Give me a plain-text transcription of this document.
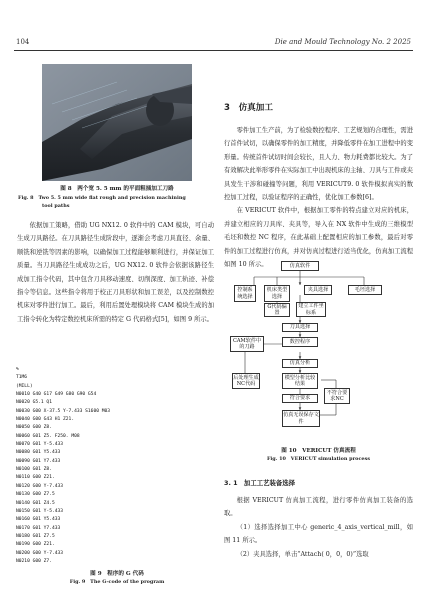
104	Die and Mould Technology No. 2 2025
图 8　两个宽 5. 5 mm 的平面粗插加工刀路
Fig. 8　Two 5. 5 mm wide flat rough and precision machining
tool paths

依据加工策略，借助 UG NX12. 0 软件中的 CAM 模块，可自动生成刀具路径。在刀具路径生成阶段中，逐渐会考虑刀具直径、余量、顺铣和逆铣等因素的影响，以确保加工过程能够顺利进行，并保证加工质量。当刀具路径生成成功之后，UG NX12. 0 软件会依据该路径生成加工指令代码，其中包含刀具移动速度、切削深度、加工轨迹、补偿指令等信息。这些指令将用于校正刀具形状和加工误差，以及控制数控机床对零件进行加工。最后，利用后置处理模块将 CAM 模块生成的加工指令转化为特定数控机床所需的特定 G 代码格式[5]，如图 9 所示。

%
T1M6
(MILL)
N0010 G40 G17 G49 G80 G90 G54
N0020 G5.1 Q1
N0030 G00 X-37.5 Y-7.433 S1600 M03
N0040 G00 G43 H1 Z21.
N0050 G00 Z8.
N0060 G01 Z5. F250. M08
N0070 G01 Y-5.433
N0080 G01 Y5.433
N0090 G01 Y7.433
N0100 G01 Z8.
N0110 G00 Z21.
N0120 G00 Y-7.433
N0130 G00 Z7.5
N0140 G01 Z4.5
N0150 G01 Y-5.433
N0160 G01 Y5.433
N0170 G01 Y7.433
N0180 G01 Z7.5
N0190 G00 Z21.
N0200 G00 Y-7.433
N0210 G00 Z7.
图 9　程序的 G 代码
Fig. 9　The G-code of the program
3　仿真加工

零件加工生产前，为了检验数控程序、工艺规划的合理性，需进行首件试切，以确保零件的加工精度，并降低零件在加工进程中的变形量。传统首件试切时间会较长，且人力、物力耗费都比较大。为了有效解决此举形零件在实际加工中出现机床的主轴、刀具与工件或夹具发生干涉和碰撞等问题，利用 VERICUT9. 0 软件模拟真实的数控加工过程，以验证程序的正确性，优化加工参数[6]。

在 VERICUT 软件中，根据加工零件的特点建立对应的机床，并建立相应的刀具库、夹具等，导入在 NX 软件中生成的三维模型毛坯和数控 NC 程序，在此基础上配置相应的加工参数，最后对零件的加工过程进行仿真，并对仿真过程进行适当优化，仿真加工流程如图 10 所示。	仿真软件
控制系统选择
机床类型选择
夹具选择	毛坯选择
G代码偏置
建立工件坐标系
刀具选择
CAM软件中的刀路
数控程序
后处理生成NC代码
仿真分析
模型分析比较结果
符合要求
不符合要求NC
仿真无误保存文件
图 10　VERICUT 仿真流程
Fig. 10　VERICUT simulation process
3. 1　加工工艺装备选择

根据 VERICUT 仿真加工流程，进行零件仿真加工装备的选取。

（1）选择选择加工中心 generic_4_axis_vertical_mill，如图 11 所示。

（2）夹具选择，单击“Attach( 0，0，0)”选取
